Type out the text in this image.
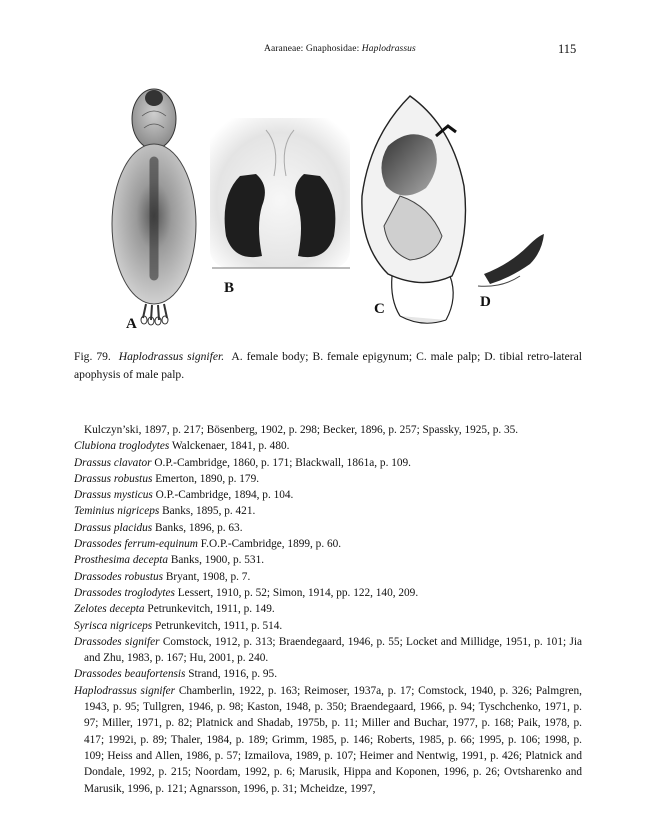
Aaraneae: Gnaphosidae: Haplodrassus	115
A
B
C	D
Fig. 79. Haplodrassus signifer. A. female body; B. female epigynum; C. male palp; D. tibial retro-lateral apophysis of male palp.
Kulczyn’ski, 1897, p. 217; Bösenberg, 1902, p. 298; Becker, 1896, p. 257; Spassky, 1925, p. 35.
Clubiona troglodytes Walckenaer, 1841, p. 480.
Drassus clavator O.P.-Cambridge, 1860, p. 171; Blackwall, 1861a, p. 109.
Drassus robustus Emerton, 1890, p. 179.
Drassus mysticus O.P.-Cambridge, 1894, p. 104.
Teminius nigriceps Banks, 1895, p. 421.
Drassus placidus Banks, 1896, p. 63.
Drassodes ferrum-equinum F.O.P.-Cambridge, 1899, p. 60.
Prosthesima decepta Banks, 1900, p. 531.
Drassodes robustus Bryant, 1908, p. 7.
Drassodes troglodytes Lessert, 1910, p. 52; Simon, 1914, pp. 122, 140, 209.
Zelotes decepta Petrunkevitch, 1911, p. 149.
Syrisca nigriceps Petrunkevitch, 1911, p. 514.
Drassodes signifer Comstock, 1912, p. 313; Braendegaard, 1946, p. 55; Locket and Millidge, 1951, p. 101; Jia and Zhu, 1983, p. 167; Hu, 2001, p. 240.
Drassodes beaufortensis Strand, 1916, p. 95.
Haplodrassus signifer Chamberlin, 1922, p. 163; Reimoser, 1937a, p. 17; Comstock, 1940, p. 326; Palmgren, 1943, p. 95; Tullgren, 1946, p. 98; Kaston, 1948, p. 350; Braendegaard, 1966, p. 94; Tyschchenko, 1971, p. 97; Miller, 1971, p. 82; Platnick and Shadab, 1975b, p. 11; Miller and Buchar, 1977, p. 168; Paik, 1978, p. 417; 1992i, p. 89; Thaler, 1984, p. 189; Grimm, 1985, p. 146; Roberts, 1985, p. 66; 1995, p. 106; 1998, p. 109; Heiss and Allen, 1986, p. 57; Izmailova, 1989, p. 107; Heimer and Nentwig, 1991, p. 426; Platnick and Dondale, 1992, p. 215; Noordam, 1992, p. 6; Marusik, Hippa and Koponen, 1996, p. 26; Ovtsharenko and Marusik, 1996, p. 121; Agnarsson, 1996, p. 31; Mcheidze, 1997,
